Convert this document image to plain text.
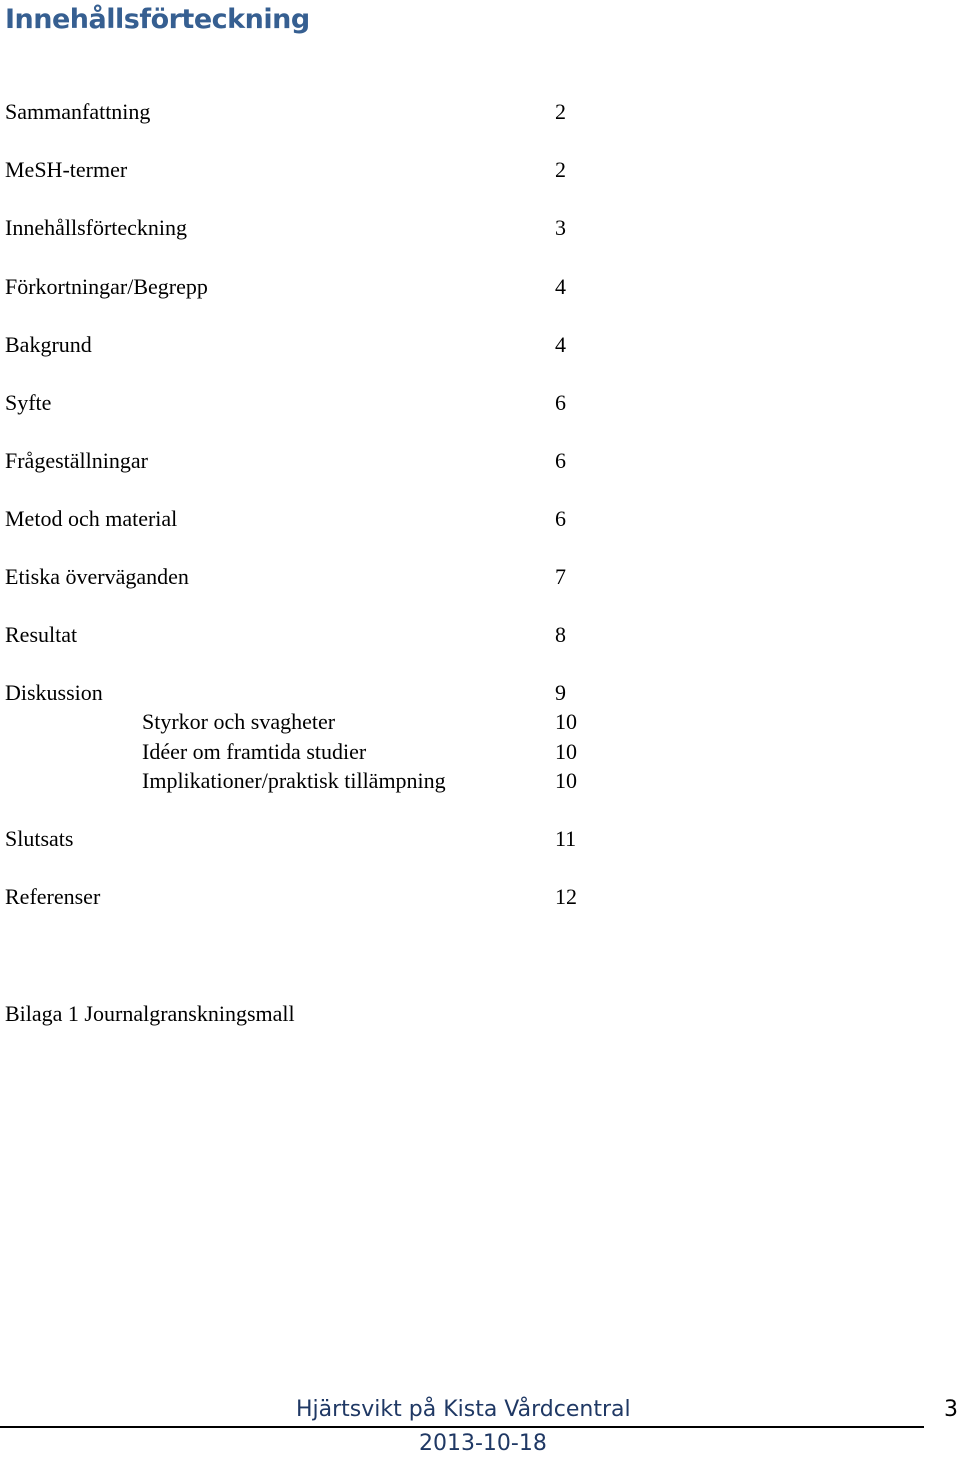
Innehållsförteckning
Sammanfattning	2
MeSH-termer	2
Innehållsförteckning	3
Förkortningar/Begrepp	4
Bakgrund	4
Syfte	6
Frågeställningar	6
Metod och material	6
Etiska överväganden	7
Resultat	8
Diskussion	9
Styrkor och svagheter	10
Idéer om framtida studier	10
Implikationer/praktisk tillämpning	10
Slutsats	11
Referenser	12
Bilaga 1 Journalgranskningsmall
Hjärtsvikt på Kista Vårdcentral	3
2013-10-18
